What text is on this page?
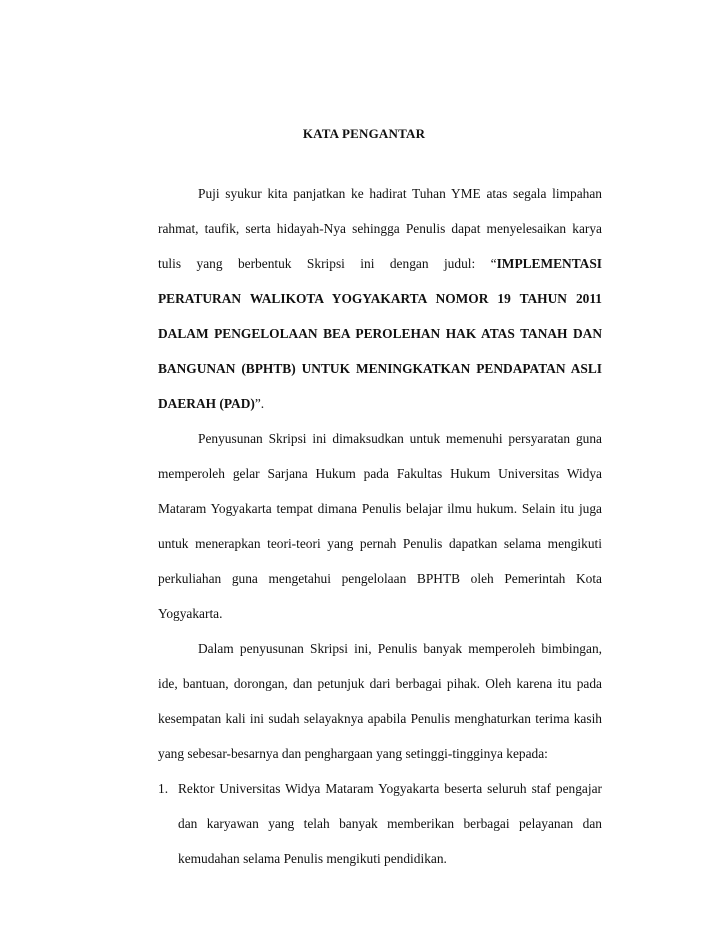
KATA PENGANTAR
Puji syukur kita panjatkan ke hadirat Tuhan YME atas segala limpahan
rahmat, taufik, serta hidayah-Nya sehingga Penulis dapat menyelesaikan karya
tulis yang berbentuk Skripsi ini dengan judul: “IMPLEMENTASI
PERATURAN WALIKOTA YOGYAKARTA NOMOR 19 TAHUN 2011
DALAM PENGELOLAAN BEA PEROLEHAN HAK ATAS TANAH DAN
BANGUNAN (BPHTB) UNTUK MENINGKATKAN PENDAPATAN ASLI
DAERAH (PAD)”.
Penyusunan Skripsi ini dimaksudkan untuk memenuhi persyaratan guna
memperoleh gelar Sarjana Hukum pada Fakultas Hukum Universitas Widya
Mataram Yogyakarta tempat dimana Penulis belajar ilmu hukum. Selain itu juga
untuk menerapkan teori-teori yang pernah Penulis dapatkan selama mengikuti
perkuliahan guna mengetahui pengelolaan BPHTB oleh Pemerintah Kota
Yogyakarta.
Dalam penyusunan Skripsi ini, Penulis banyak memperoleh bimbingan,
ide, bantuan, dorongan, dan petunjuk dari berbagai pihak. Oleh karena itu pada
kesempatan kali ini sudah selayaknya apabila Penulis menghaturkan terima kasih
yang sebesar-besarnya dan penghargaan yang setinggi-tingginya kepada:
1. Rektor Universitas Widya Mataram Yogyakarta beserta seluruh staf pengajar
dan karyawan yang telah banyak memberikan berbagai pelayanan dan
kemudahan selama Penulis mengikuti pendidikan.
